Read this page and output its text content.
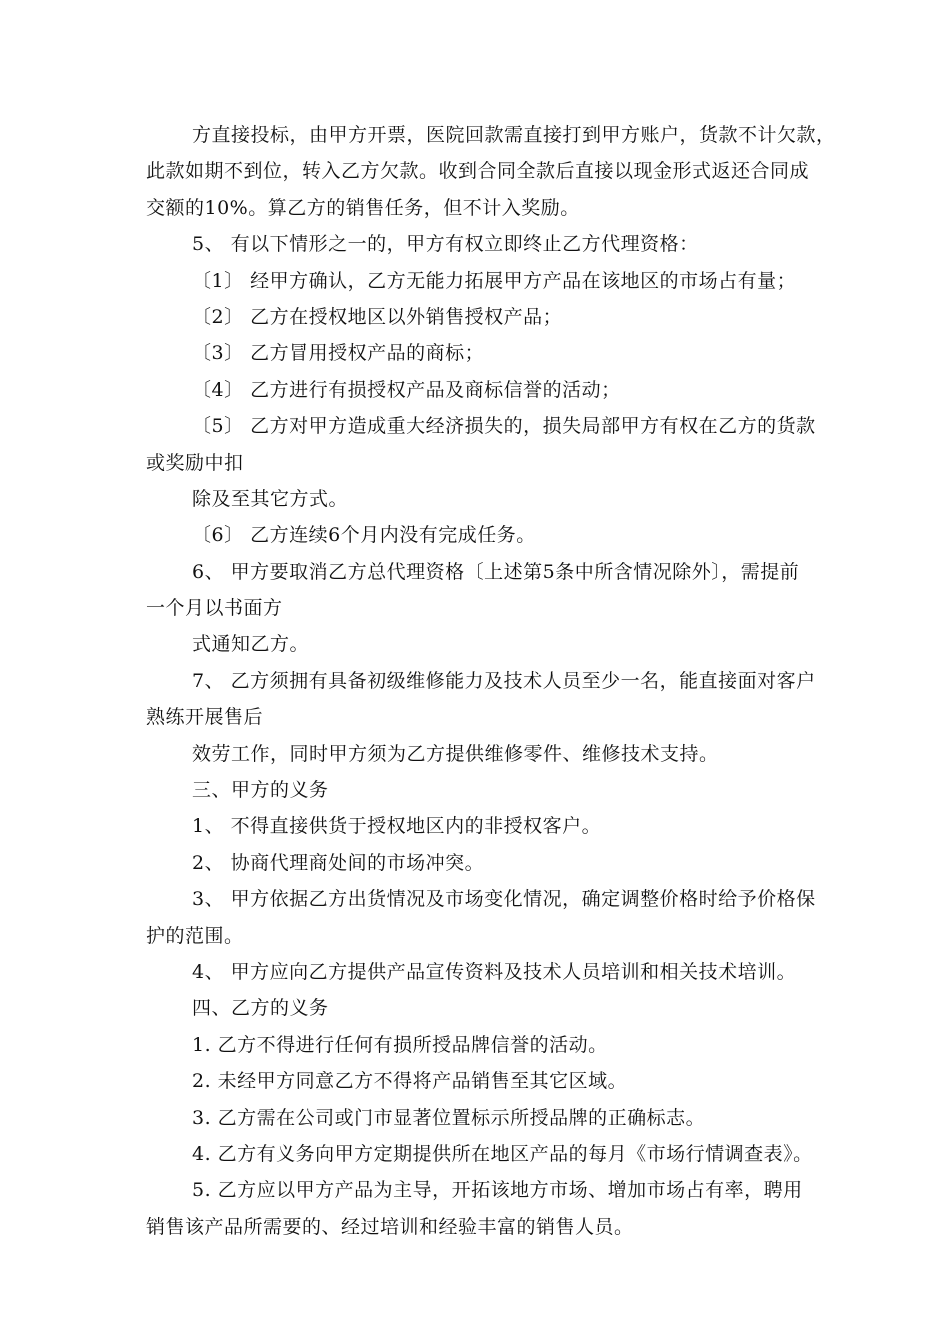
方直接投标，由甲方开票，医院回款需直接打到甲方账户，货款不计欠款，
此款如期不到位，转入乙方欠款。收到合同全款后直接以现金形式返还合同成
交额的10%。算乙方的销售任务，但不计入奖励。
5、 有以下情形之一的，甲方有权立即终止乙方代理资格：
〔1〕 经甲方确认，乙方无能力拓展甲方产品在该地区的市场占有量；
〔2〕 乙方在授权地区以外销售授权产品；
〔3〕 乙方冒用授权产品的商标；
〔4〕 乙方进行有损授权产品及商标信誉的活动；
〔5〕 乙方对甲方造成重大经济损失的，损失局部甲方有权在乙方的货款
或奖励中扣
除及至其它方式。
〔6〕 乙方连续6个月内没有完成任务。
6、 甲方要取消乙方总代理资格〔上述第5条中所含情况除外〕，需提前
一个月以书面方
式通知乙方。
7、 乙方须拥有具备初级维修能力及技术人员至少一名，能直接面对客户
熟练开展售后
效劳工作，同时甲方须为乙方提供维修零件、维修技术支持。
三、甲方的义务
1、 不得直接供货于授权地区内的非授权客户。
2、 协商代理商处间的市场冲突。
3、 甲方依据乙方出货情况及市场变化情况，确定调整价格时给予价格保
护的范围。
4、 甲方应向乙方提供产品宣传资料及技术人员培训和相关技术培训。
四、乙方的义务
1. 乙方不得进行任何有损所授品牌信誉的活动。
2. 未经甲方同意乙方不得将产品销售至其它区域。
3. 乙方需在公司或门市显著位置标示所授品牌的正确标志。
4. 乙方有义务向甲方定期提供所在地区产品的每月《市场行情调查表》。
5. 乙方应以甲方产品为主导，开拓该地方市场、增加市场占有率，聘用
销售该产品所需要的、经过培训和经验丰富的销售人员。
